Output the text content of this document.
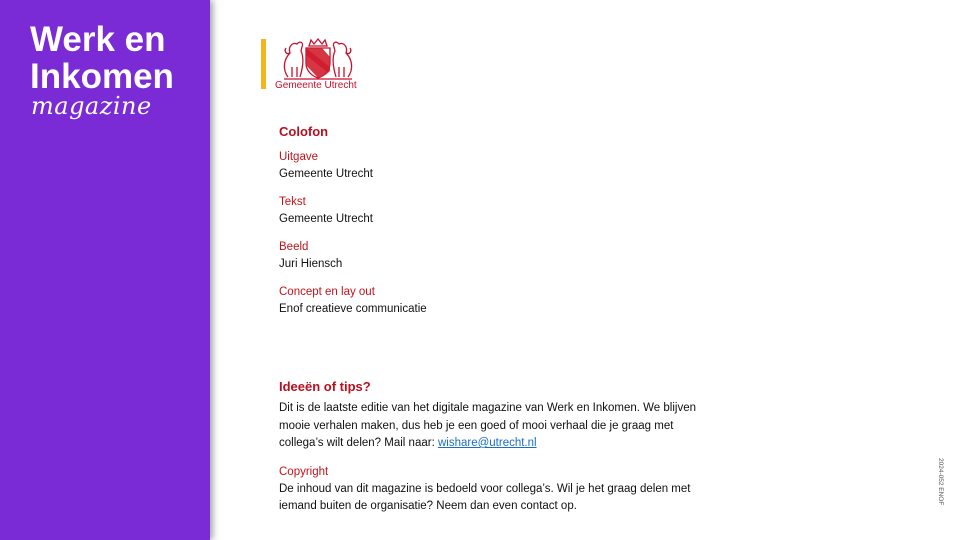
Werk en
Inkomen
magazine
Gemeente Utrecht
Colofon

Uitgave

Gemeente Utrecht

Tekst

Gemeente Utrecht

Beeld

Juri Hiensch

Concept en lay out

Enof creatieve communicatie

Ideeën of tips?

Dit is de laatste editie van het digitale magazine van Werk en Inkomen. We blijven mooie verhalen maken, dus heb je een goed of mooi verhaal die je graag met collega’s wilt delen? Mail naar: wishare@utrecht.nl

Copyright

De inhoud van dit magazine is bedoeld voor collega’s. Wil je het graag delen met iemand buiten de organisatie? Neem dan even contact op.

2024-052 ENOF
